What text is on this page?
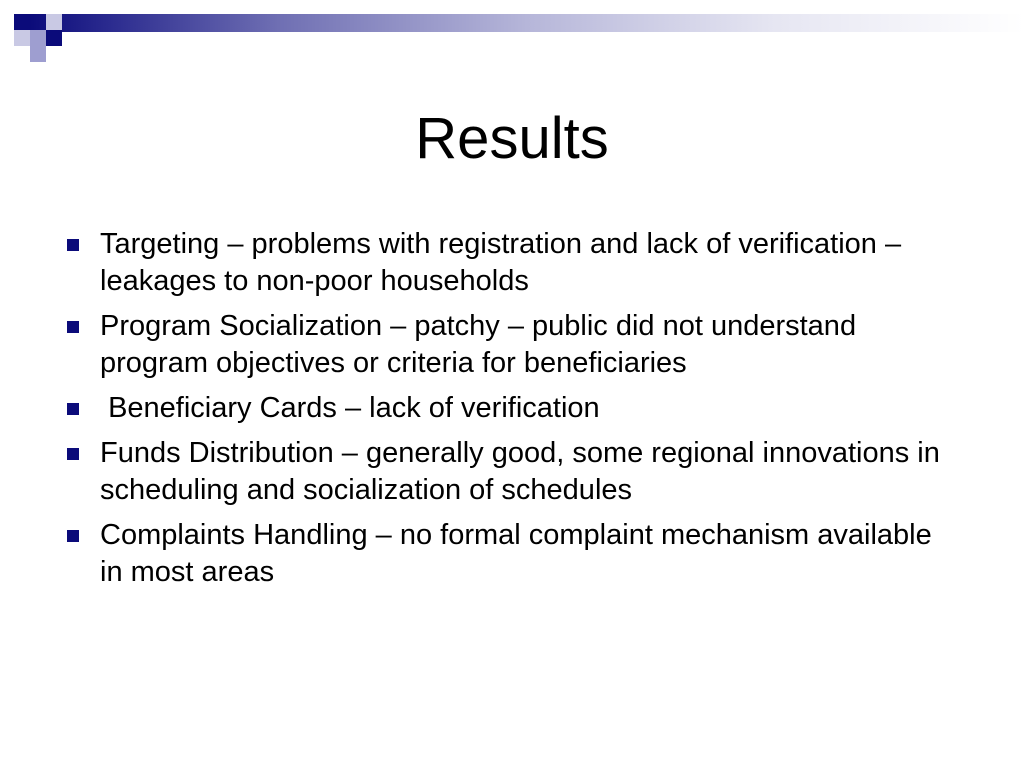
Results
Targeting – problems with registration and lack of verification – leakages to non-poor households
Program Socialization – patchy – public did not understand program objectives or criteria for beneficiaries
Beneficiary Cards – lack of verification
Funds Distribution – generally good, some regional innovations in scheduling and socialization of schedules
Complaints Handling – no formal complaint mechanism available in most areas
